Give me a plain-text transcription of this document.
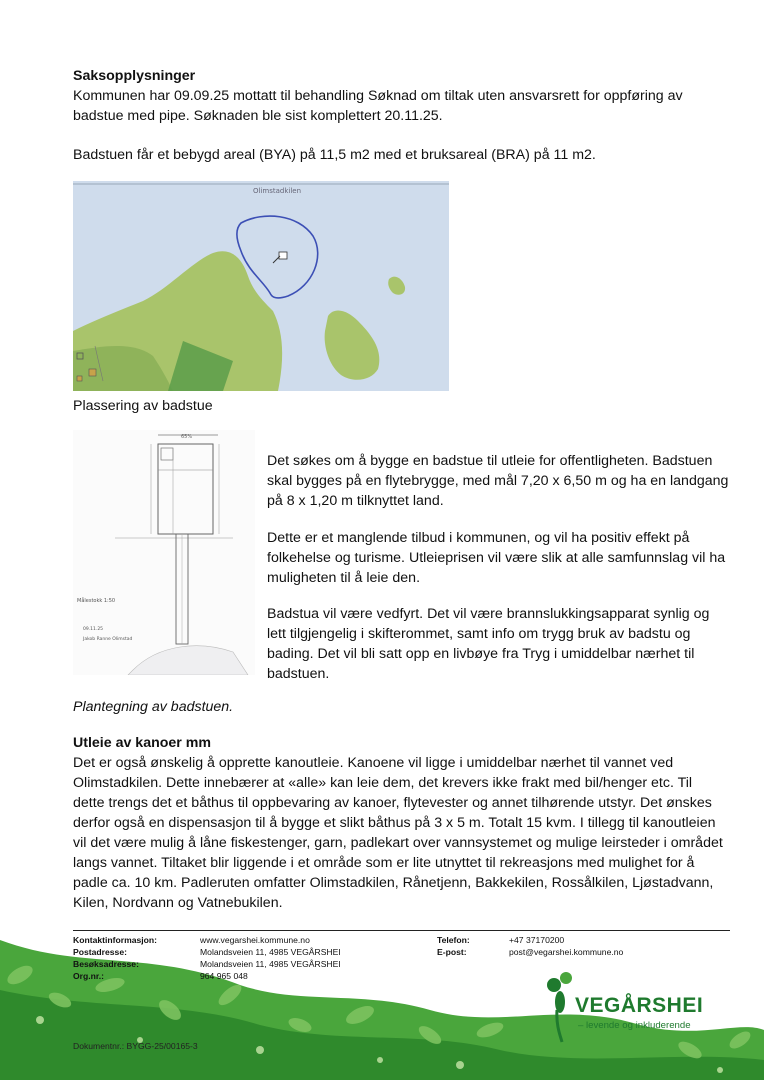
Saksopplysninger
Kommunen har 09.09.25 mottatt til behandling Søknad om tiltak uten ansvarsrett for oppføring av
badstue med pipe. Søknaden ble sist komplettert 20.11.25.
Badstuen får et bebygd areal (BYA) på 11,5 m2 med et bruksareal (BRA) på 11 m2.
Olimstadkilen
Plassering av badstue
65%
Målestokk 1:50
09.11.25
Jakob Ranne Olimstad
Det søkes om å bygge en badstue til utleie for offentligheten. Badstuen
skal bygges på en flytebrygge, med mål 7,20 x 6,50 m og ha en landgang
på 8 x 1,20 m tilknyttet land.
Dette er et manglende tilbud i kommunen, og vil ha positiv effekt på
folkehelse og turisme. Utleieprisen vil være slik at alle samfunnslag vil ha
muligheten til å leie den.
Badstua vil være vedfyrt. Det vil være brannslukkingsapparat synlig og
lett tilgjengelig i skifterommet, samt info om trygg bruk av badstu og
bading. Det vil bli satt opp en livbøye fra Tryg i umiddelbar nærhet til
badstuen.
Plantegning av badstuen.
Utleie av kanoer mm
Det er også ønskelig å opprette kanoutleie. Kanoene vil ligge i umiddelbar nærhet til vannet ved
Olimstadkilen. Dette innebærer at «alle» kan leie dem, det krevers ikke frakt med bil/henger etc. Til
dette trengs det et båthus til oppbevaring av kanoer, flytevester og annet tilhørende utstyr. Det ønskes
derfor også en dispensasjon til å bygge et slikt båthus på 3 x 5 m. Totalt 15 kvm. I tillegg til kanoutleien
vil det være mulig å låne fiskestenger, garn, padlekart over vannsystemet og mulige leirsteder i området
langs vannet. Tiltaket blir liggende i et område som er lite utnyttet til rekreasjons med mulighet for å
padle ca. 10 km. Padleruten omfatter Olimstadkilen, Rånetjenn, Bakkekilen, Rossålkilen, Ljøstadvann,
Kilen, Nordvann og Vatnebukilen.
Kontaktinformasjon:	www.vegarshei.kommune.no
Postadresse:	Molandsveien 11, 4985 VEGÅRSHEI
Besøksadresse:	Molandsveien 11, 4985 VEGÅRSHEI
Org.nr.:	964 965 048
Telefon:	+47 37170200
E-post:	post@vegarshei.kommune.no
VEGÅRSHEI
– levende og inkluderende
Dokumentnr.: BYGG-25/00165-3
